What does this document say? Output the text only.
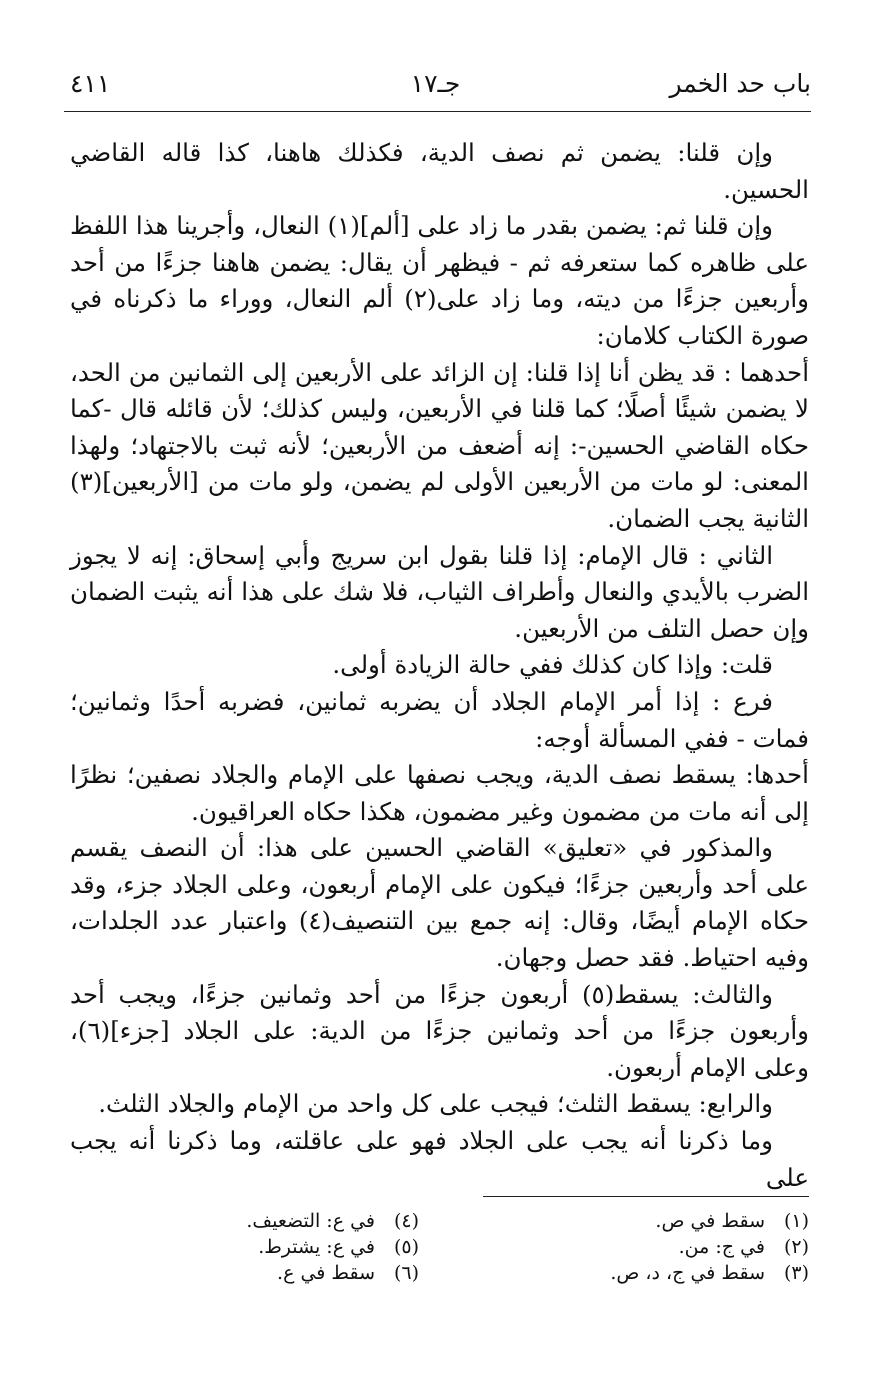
باب حد الخمر
جـ١٧
٤١١

وإن قلنا: يضمن ثم نصف الدية، فكذلك هاهنا، كذا قاله القاضي الحسين.

وإن قلنا ثم: يضمن بقدر ما زاد على [ألم](١) النعال، وأجرينا هذا اللفظ على ظاهره كما ستعرفه ثم - فيظهر أن يقال: يضمن هاهنا جزءًا من أحد وأربعين جزءًا من ديته، وما زاد على(٢) ألم النعال، ووراء ما ذكرناه في صورة الكتاب كلامان:

أحدهما : قد يظن أنا إذا قلنا: إن الزائد على الأربعين إلى الثمانين من الحد، لا يضمن شيئًا أصلًا؛ كما قلنا في الأربعين، وليس كذلك؛ لأن قائله قال -كما حكاه القاضي الحسين-: إنه أضعف من الأربعين؛ لأنه ثبت بالاجتهاد؛ ولهذا المعنى: لو مات من الأربعين الأولى لم يضمن، ولو مات من [الأربعين](٣) الثانية يجب الضمان.

الثاني : قال الإمام: إذا قلنا بقول ابن سريج وأبي إسحاق: إنه لا يجوز الضرب بالأيدي والنعال وأطراف الثياب، فلا شك على هذا أنه يثبت الضمان وإن حصل التلف من الأربعين.

قلت: وإذا كان كذلك ففي حالة الزيادة أولى.

فرع : إذا أمر الإمام الجلاد أن يضربه ثمانين، فضربه أحدًا وثمانين؛ فمات - ففي المسألة أوجه:

أحدها: يسقط نصف الدية، ويجب نصفها على الإمام والجلاد نصفين؛ نظرًا إلى أنه مات من مضمون وغير مضمون، هكذا حكاه العراقيون.

والمذكور في «تعليق» القاضي الحسين على هذا: أن النصف يقسم على أحد وأربعين جزءًا؛ فيكون على الإمام أربعون، وعلى الجلاد جزء، وقد حكاه الإمام أيضًا، وقال: إنه جمع بين التنصيف(٤) واعتبار عدد الجلدات، وفيه احتياط. فقد حصل وجهان.

والثالث: يسقط(٥) أربعون جزءًا من أحد وثمانين جزءًا، ويجب أحد وأربعون جزءًا من أحد وثمانين جزءًا من الدية: على الجلاد [جزء](٦)، وعلى الإمام أربعون.

والرابع: يسقط الثلث؛ فيجب على كل واحد من الإمام والجلاد الثلث.

وما ذكرنا أنه يجب على الجلاد فهو على عاقلته، وما ذكرنا أنه يجب على

(١)سقط في ص.
(٢)في ج: من.
(٣)سقط في ج، د، ص.
(٤)في ع: التضعيف.
(٥)في ع: يشترط.
(٦)سقط في ع.
